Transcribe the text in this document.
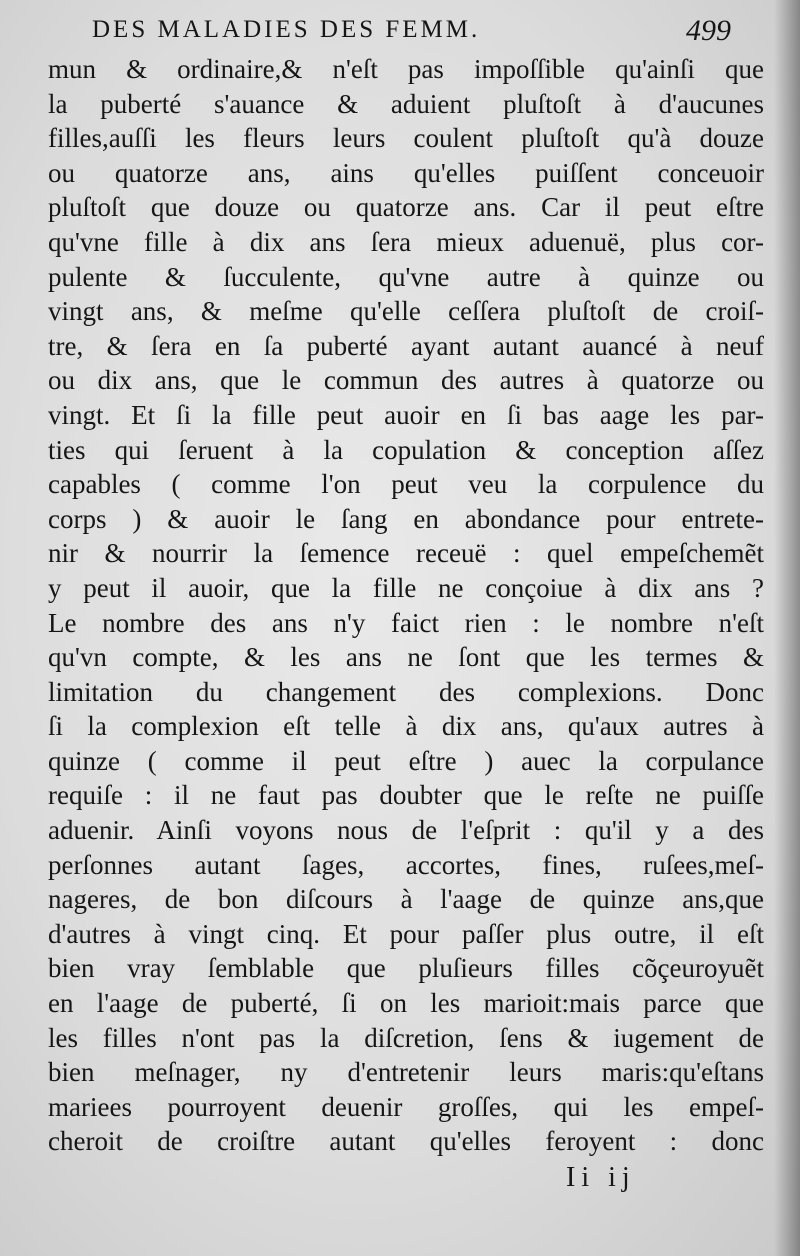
DES MALADIES DES FEMM.	499
mun & ordinaire,& n'eſt pas impoſſible qu'ainſi que
la puberté s'auance & aduient pluſtoſt à d'aucunes
filles,auſſi les fleurs leurs coulent pluſtoſt qu'à douze
ou quatorze ans, ains qu'elles puiſſent conceuoir
pluſtoſt que douze ou quatorze ans. Car il peut eſtre
qu'vne fille à dix ans ſera mieux aduenuë, plus cor-
pulente & ſucculente, qu'vne autre à quinze ou
vingt ans, & meſme qu'elle ceſſera pluſtoſt de croiſ-
tre, & ſera en ſa puberté ayant autant auancé à neuf
ou dix ans, que le commun des autres à quatorze ou
vingt. Et ſi la fille peut auoir en ſi bas aage les par-
ties qui ſeruent à la copulation & conception aſſez
capables ( comme l'on peut veu la corpulence du
corps ) & auoir le ſang en abondance pour entrete-
nir & nourrir la ſemence receuë : quel empeſchemẽt
y peut il auoir, que la fille ne conçoiue à dix ans ?
Le nombre des ans n'y faict rien : le nombre n'eſt
qu'vn compte, & les ans ne ſont que les termes &
limitation du changement des complexions. Donc
ſi la complexion eſt telle à dix ans, qu'aux autres à
quinze ( comme il peut eſtre ) auec la corpulance
requiſe : il ne faut pas doubter que le reſte ne puiſſe
aduenir. Ainſi voyons nous de l'eſprit : qu'il y a des
perſonnes autant ſages, accortes, fines, ruſees,meſ-
nageres, de bon diſcours à l'aage de quinze ans,que
d'autres à vingt cinq. Et pour paſſer plus outre, il eſt
bien vray ſemblable que pluſieurs filles cõçeuroyuẽt
en l'aage de puberté, ſi on les marioit:mais parce que
les filles n'ont pas la diſcretion, ſens & iugement de
bien meſnager, ny d'entretenir leurs maris:qu'eſtans
mariees pourroyent deuenir groſſes, qui les empeſ-
cheroit de croiſtre autant qu'elles feroyent : donc
Ii ij
